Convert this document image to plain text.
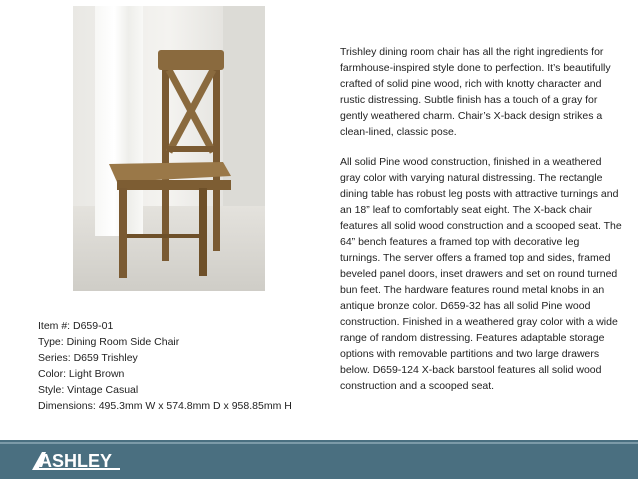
Item #: D659-01
Type: Dining Room Side Chair
Series: D659 Trishley
Color: Light Brown
Style: Vintage Casual
Dimensions: 495.3mm W x 574.8mm D x 958.85mm H

Trishley dining room chair has all the right ingredients for farmhouse-inspired style done to perfection. It’s beautifully crafted of solid pine wood, rich with knotty character and rustic distressing. Subtle finish has a touch of a gray for gently weathered charm. Chair’s X-back design strikes a clean-lined, classic pose.

All solid Pine wood construction, finished in a weathered gray color with varying natural distressing. The rectangle dining table has robust leg posts with attractive turnings and an 18” leaf to comfortably seat eight. The X-back chair features all solid wood construction and a scooped seat. The 64” bench features a framed top with decorative leg turnings. The server offers a framed top and sides, framed beveled panel doors, inset drawers and set on round turned bun feet. The hardware features round metal knobs in an antique bronze color. D659-32 has all solid Pine wood construction. Finished in a weathered gray color with a wide range of random distressing. Features adaptable storage options with removable partitions and two large drawers below. D659-124 X-back barstool features all solid wood construction and a scooped seat.

ASHLEY
